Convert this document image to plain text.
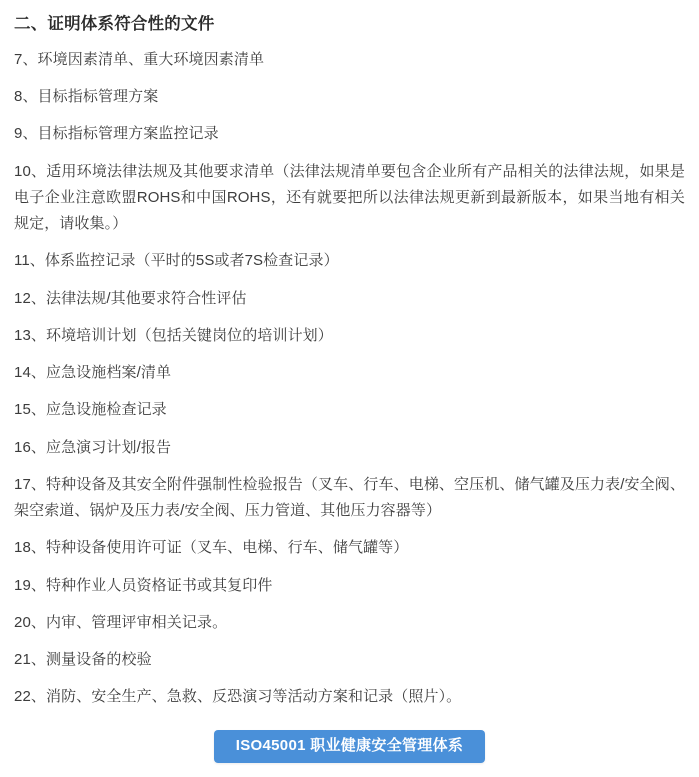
二、证明体系符合性的文件

7、环境因素清单、重大环境因素清单

8、目标指标管理方案

9、目标指标管理方案监控记录

10、适用环境法律法规及其他要求清单（法律法规清单要包含企业所有产品相关的法律法规，如果是电子企业注意欧盟ROHS和中国ROHS，还有就要把所以法律法规更新到最新版本，如果当地有相关规定，请收集。）

11、体系监控记录（平时的5S或者7S检查记录）

12、法律法规/其他要求符合性评估

13、环境培训计划（包括关键岗位的培训计划）

14、应急设施档案/清单

15、应急设施检查记录

16、应急演习计划/报告

17、特种设备及其安全附件强制性检验报告（叉车、行车、电梯、空压机、储气罐及压力表/安全阀、架空索道、锅炉及压力表/安全阀、压力管道、其他压力容器等）

18、特种设备使用许可证（叉车、电梯、行车、储气罐等）

19、特种作业人员资格证书或其复印件

20、内审、管理评审相关记录。

21、测量设备的校验

22、消防、安全生产、急救、反恐演习等活动方案和记录（照片）。

ISO45001 职业健康安全管理体系
